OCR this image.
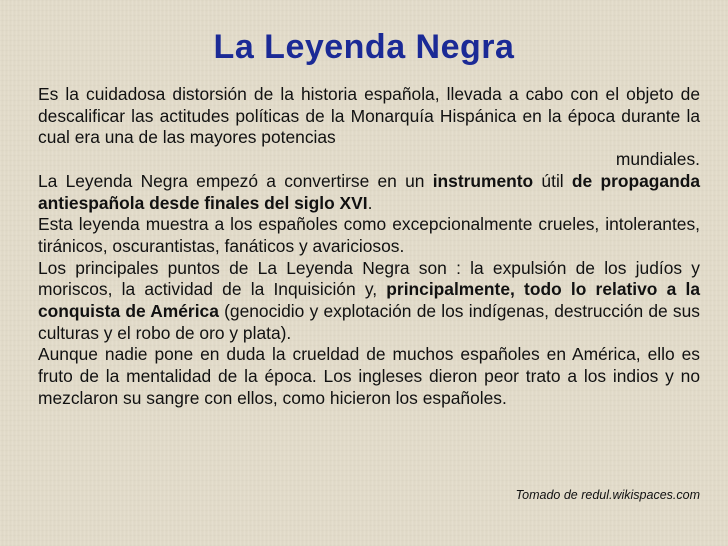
La Leyenda Negra

Es la cuidadosa distorsión de la historia española, llevada a cabo con el objeto de descalificar las actitudes políticas de la Monarquía Hispánica en la época durante la cual era una de las mayores potencias

mundiales.

La Leyenda Negra empezó a convertirse en un instrumento útil de propaganda antiespañola desde finales del siglo XVI.

Esta leyenda muestra a los españoles como excepcionalmente crueles, intolerantes, tiránicos, oscurantistas, fanáticos y avariciosos.

Los principales puntos de La Leyenda Negra son : la expulsión de los judíos y moriscos, la actividad de la Inquisición y, principalmente, todo lo relativo a la conquista de América (genocidio y explotación de los indígenas, destrucción de sus culturas y el robo de oro y plata).

Aunque nadie pone en duda la crueldad de muchos españoles en América, ello es fruto de la mentalidad de la época. Los ingleses dieron peor trato a los indios y no mezclaron su sangre con ellos, como hicieron los españoles.

Tomado de redul.wikispaces.com
